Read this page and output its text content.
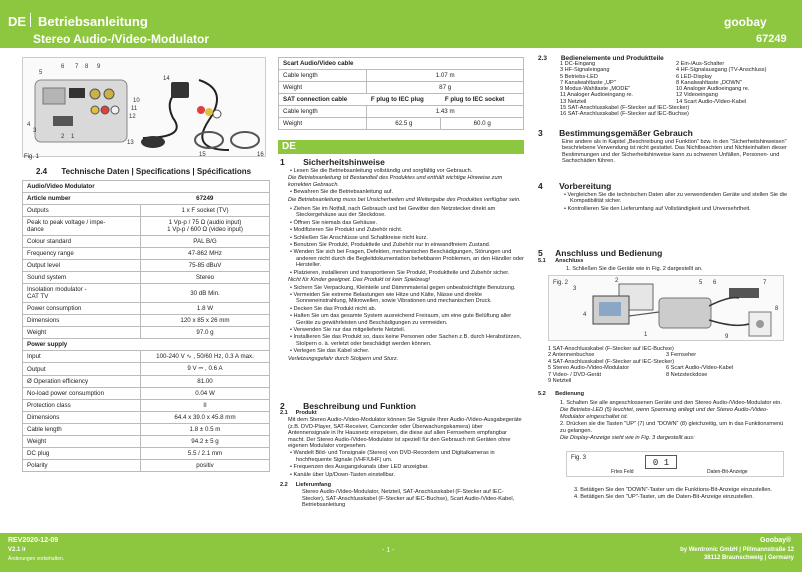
DE Betriebsanleitung
Stereo Audio-/Video-Modulator
goobay
67249
5
6 7 8 9
10
11
12
13
14
15	16
4
3
2 1
Fig. 1
2.4 Technische Daten | Specifications | Spécifications
Audio/Video Modulator	
Article number	67249
Outputs	1 x F socket (TV)
Peak to peak voltage / impe-
dance	1 Vp-p / 75 Ω (audio input)
1 Vp-p / 600 Ω (video input)
Colour standard	PAL B/G
Frequency range	47-862 MHz
Output level	75-85 dBuV
Sound system	Stereo
Insolation modulator -
CAT TV	30 dB Min.
Power consumption	1.8 W
Dimensions	120 x 85 x 26 mm
Weight	97.0 g
Power supply	
Input	100-240 V ∿ , 50/60 Hz, 0.3 A max.
Output	9 V ⎓ , 0.6 A
Ø Operation efficiency	81.00
No-load power consumption	0.04 W
Protection class	II
Dimensions	64.4 x 39.0 x 45.8 mm
Cable length	1.8 ± 0.5 m
Weight	94.2 ± 5 g
DC plug	5.5 / 2.1 mm
Polarity	positiv
Scart Audio/Video cable		
Cable length	1.07 m	
Weight	87 g	
SAT connection cable	F plug to IEC plug	F plug to IEC socket
Cable length	1.43 m	
Weight	62.5 g	60.0 g
DE
1 Sicherheitshinweise

• Lesen Sie die Betriebsanleitung vollständig und sorgfältig vor Gebrauch.

Die Betriebsanleitung ist Bestandteil des Produktes und enthält wichtige Hinweise zum korrekten Gebrauch.

• Bewahren Sie die Betriebsanleitung auf.

Die Betriebsanleitung muss bei Unsicherheiten und Weitergabe des Produktes verfügbar sein.

• Ziehen Sie im Notfall, nach Gebrauch und bei Gewitter den Netzstecker direkt am Steckergehäuse aus der Steckdose.

• Öffnen Sie niemals das Gehäuse.

• Modifizieren Sie Produkt und Zubehör nicht.

• Schließen Sie Anschlüsse und Schaltkreise nicht kurz.

• Benutzen Sie Produkt, Produktteile und Zubehör nur in einwandfreiem Zustand.

• Wenden Sie sich bei Fragen, Defekten, mechanischen Beschädigungen, Störungen und anderen nicht durch die Begleitdokumentation behebbaren Problemen, an den Händler oder Hersteller.

• Platzieren, installieren und transportieren Sie Produkt, Produktteile und Zubehör sicher.

Nicht für Kinder geeignet. Das Produkt ist kein Spielzeug!

• Sichern Sie Verpackung, Kleinteile und Dämmmaterial gegen unbeabsichtigte Benutzung.

• Vermeiden Sie extreme Belastungen wie Hitze und Kälte, Nässe und direkte Sonneneinstrahlung, Mikrowellen, sowie Vibrationen und mechanischen Druck.

• Decken Sie das Produkt nicht ab.

• Halten Sie um das gesamte System ausreichend Freiraum, um eine gute Belüftung aller Geräte zu gewährleisten und Beschädigungen zu vermeiden.

• Verwenden Sie nur das mitgelieferte Netzteil.

• Installieren Sie das Produkt so, dass keine Personen oder Sachen z.B. durch Herabstürzen, Stolpern o. ä. verletzt oder beschädigt werden können.

• Verlegen Sie das Kabel sicher.

Verletzungsgefahr durch Stolpern und Sturz.

2 Beschreibung und Funktion

2.1 Produkt

Mit dem Stereo Audio-/Video-Modulator können Sie Signale Ihrer Audio-/Video-Ausgabegeräte (z.B. DVD-Player, SAT-Receiver, Camcorder oder Überwachungskamera) über Antennensignale in Ihr Hausnetz einspeisen, die diese auf allen Fernsehern empfangbar macht. Der Stereo Audio-/Video-Modulator ist speziell für den Gebrauch mit Geräten ohne eigenen Modulator vorgesehen.

• Wandelt Bild- und Tonsignale (Stereo) von DVD-Recordern und Digitalkameras in hochfrequente Signale (VHF/UHF) um.

• Frequenzen des Ausgangskanals über LED anzeigbar.

• Kanäle über Up/Down-Tasten einstellbar.

2.2 Lieferumfang

Stereo Audio-/Video-Modulator, Netzteil, SAT-Anschlusskabel (F-Stecker auf IEC-Stecker), SAT-Anschlusskabel (F-Stecker auf IEC-Buchse), Scart Audio-/Video-Kabel, Betriebsanleitung

2.3 Bedienelemente und Produktteile
1 DC-Eingang	2 Ein-/Aus-Schalter
3 HF-Signaleingang	4 HF-Signalausgang (TV-Anschluss)
5 Betriebs-LED	6 LED-Display
7 Kanalwahltaste „UP"	8 Kanalwahltaste „DOWN"
9 Modus-Wahltaste „MODE"	10 Analoger Audioeingang re.
11 Analoger Audioeingang re.	12 Videoeingang
13 Netzteil	14 Scart Audio-/Video-Kabel
15 SAT-Anschlusskabel (F-Stecker auf IEC-Stecker)
16 SAT-Anschlusskabel (F-Stecker auf IEC-Buchse)
3 Bestimmungsgemäßer Gebrauch

Eine andere als in Kapitel „Beschreibung und Funktion" bzw. in den "Sicherheitshinweisen" beschriebene Verwendung ist nicht gestattet. Das Nichtbeachten und Nichteinhalten dieser Bestimmungen und der Sicherheitshinweise kann zu schweren Unfällen, Personen- und Sachschäden führen.

4 Vorbereitung

• Vergleichen Sie die technischen Daten aller zu verwendenden Geräte und stellen Sie die Kompatibilität sicher.

• Kontrollieren Sie den Lieferumfang auf Vollständigkeit und Unversehrtheit.

5 Anschluss und Bedienung
5.1 Anschluss

1. Schließen Sie die Geräte wie in Fig. 2 dargestellt an.

Fig. 2
1
2
3
4
5 6	7
8
9
1 SAT-Anschlusskabel (F-Stecker auf IEC-Buchse)
2 Antennenbuchse	3 Fernseher
4 SAT-Anschlusskabel (F-Stecker auf IEC-Stecker)
5 Stereo Audio-/Video-Modulator	6 Scart Audio-/Video-Kabel
7 Video- / DVD-Gerät	8 Netzsteckdose
9 Netzteil
5.2 Bedienung

1. Schalten Sie alle angeschlossenen Geräte und den Stereo Audio-/Video-Modulator ein.

Die Betriebs-LED (5) leuchtet, wenn Spannung anliegt und der Stereo Audio-/Video-Modulator eingeschaltet ist.

2. Drücken sie die Tasten "UP" (7) und "DOWN" (8) gleichzeitig, um in das Funktionsmenü zu gelangen.

Die Display-Anzeige sieht wie in Fig. 3 dargestellt aus:

Fig. 3	0 1
Frtes Feld	Daten-Bit-Anzeige

3. Betätigen Sie den "DOWN"-Taster um die Funktions-Bit-Anzeige einzustellen.

4. Betätigen Sie den "UP"-Taster, um die Daten-Bit-Anzeige einzustellen.

REV2020-12-09
V2.1 ir
Änderungen vorbehalten.
- 1 -
Goobay®
by Wentronic GmbH | Pillmannstraße 12
38112 Braunschweig | Germany
